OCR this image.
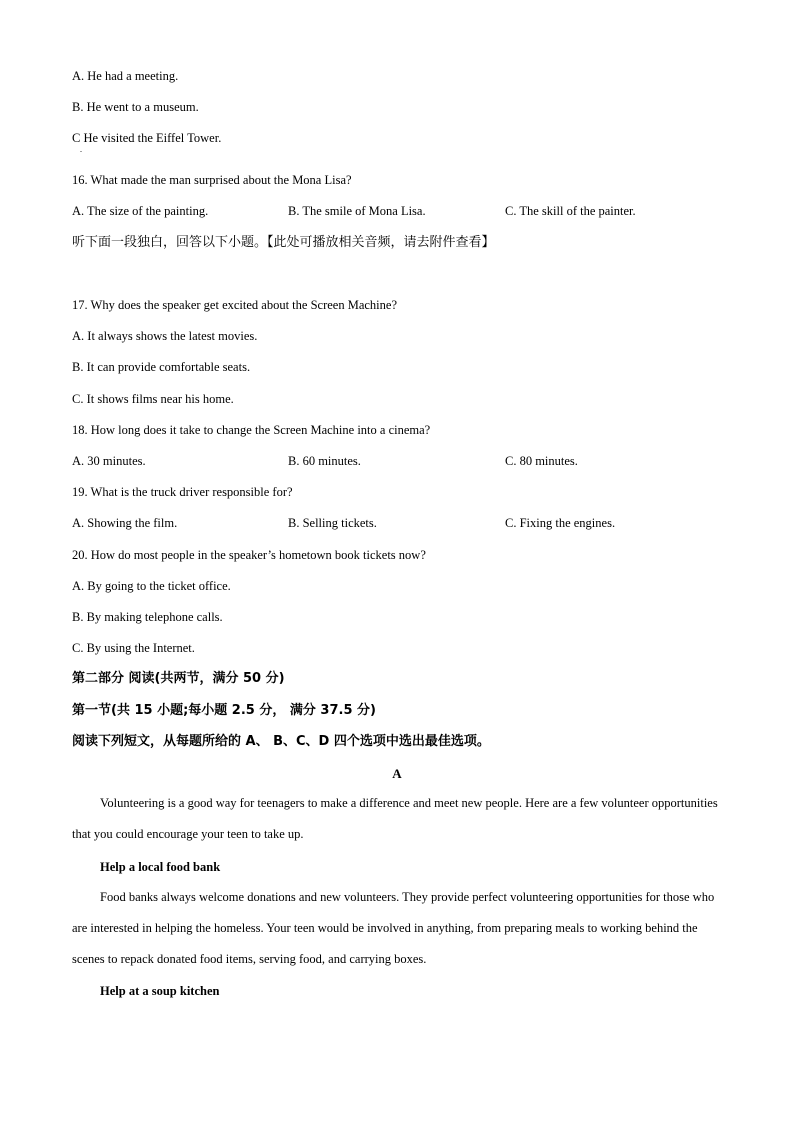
A. He had a meeting.
B. He went to a museum.
C He visited the Eiffel Tower.
.
16. What made the man surprised about the Mona Lisa?
A. The size of the painting.	B. The smile of Mona Lisa.	C. The skill of the painter.
听下面一段独白，回答以下小题。【此处可播放相关音频，请去附件查看】
17. Why does the speaker get excited about the Screen Machine?
A. It always shows the latest movies.
B. It can provide comfortable seats.
C. It shows films near his home.
18. How long does it take to change the Screen Machine into a cinema?
A. 30 minutes.	B. 60 minutes.	C. 80 minutes.
19. What is the truck driver responsible for?
A. Showing the film.	B. Selling tickets.	C. Fixing the engines.
20. How do most people in the speaker’s hometown book tickets now?
A. By going to the ticket office.
B. By making telephone calls.
C. By using the Internet.
第二部分 阅读(共两节，满分 50 分)
第一节(共 15 小题;每小题 2.5 分， 满分 37.5 分)
阅读下列短文，从每题所给的 A、 B、C、D 四个选项中选出最佳选项。
A
Volunteering is a good way for teenagers to make a difference and meet new people. Here are a few volunteer opportunities that you could encourage your teen to take up.
Help a local food bank
Food banks always welcome donations and new volunteers. They provide perfect volunteering opportunities for those who are interested in helping the homeless. Your teen would be involved in anything, from preparing meals to working behind the scenes to repack donated food items, serving food, and carrying boxes.
Help at a soup kitchen
